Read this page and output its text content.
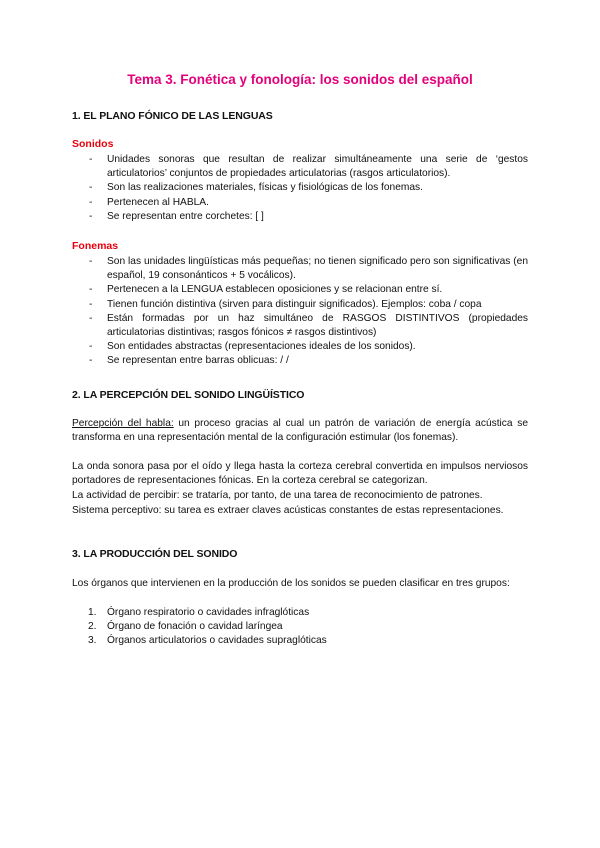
Tema 3. Fonética y fonología: los sonidos del español
1. EL PLANO FÓNICO DE LAS LENGUAS
Sonidos
- Unidades sonoras que resultan de realizar simultáneamente una serie de ‘gestos articulatorios’ conjuntos de propiedades articulatorias (rasgos articulatorios).
- Son las realizaciones materiales, físicas y fisiológicas de los fonemas.
- Pertenecen al HABLA.
- Se representan entre corchetes: [ ]
Fonemas
- Son las unidades lingüísticas más pequeñas; no tienen significado pero son significativas (en español, 19 consonánticos + 5 vocálicos).
- Pertenecen a la LENGUA establecen oposiciones y se relacionan entre sí.
- Tienen función distintiva (sirven para distinguir significados). Ejemplos: coba / copa
- Están formadas por un haz simultáneo de RASGOS DISTINTIVOS (propiedades articulatorias distintivas; rasgos fónicos ≠ rasgos distintivos)
- Son entidades abstractas (representaciones ideales de los sonidos).
- Se representan entre barras oblicuas: / /
2. LA PERCEPCIÓN DEL SONIDO LINGÜÍSTICO

Percepción del habla: un proceso gracias al cual un patrón de variación de energía acústica se transforma en una representación mental de la configuración estimular (los fonemas).

La onda sonora pasa por el oído y llega hasta la corteza cerebral convertida en impulsos nerviosos portadores de representaciones fónicas. En la corteza cerebral se categorizan.

La actividad de percibir: se trataría, por tanto, de una tarea de reconocimiento de patrones.

Sistema perceptivo: su tarea es extraer claves acústicas constantes de estas representaciones.

3. LA PRODUCCIÓN DEL SONIDO

Los órganos que intervienen en la producción de los sonidos se pueden clasificar en tres grupos:

1. Órgano respiratorio o cavidades infraglóticas
2. Órgano de fonación o cavidad laríngea
3. Órganos articulatorios o cavidades supraglóticas
